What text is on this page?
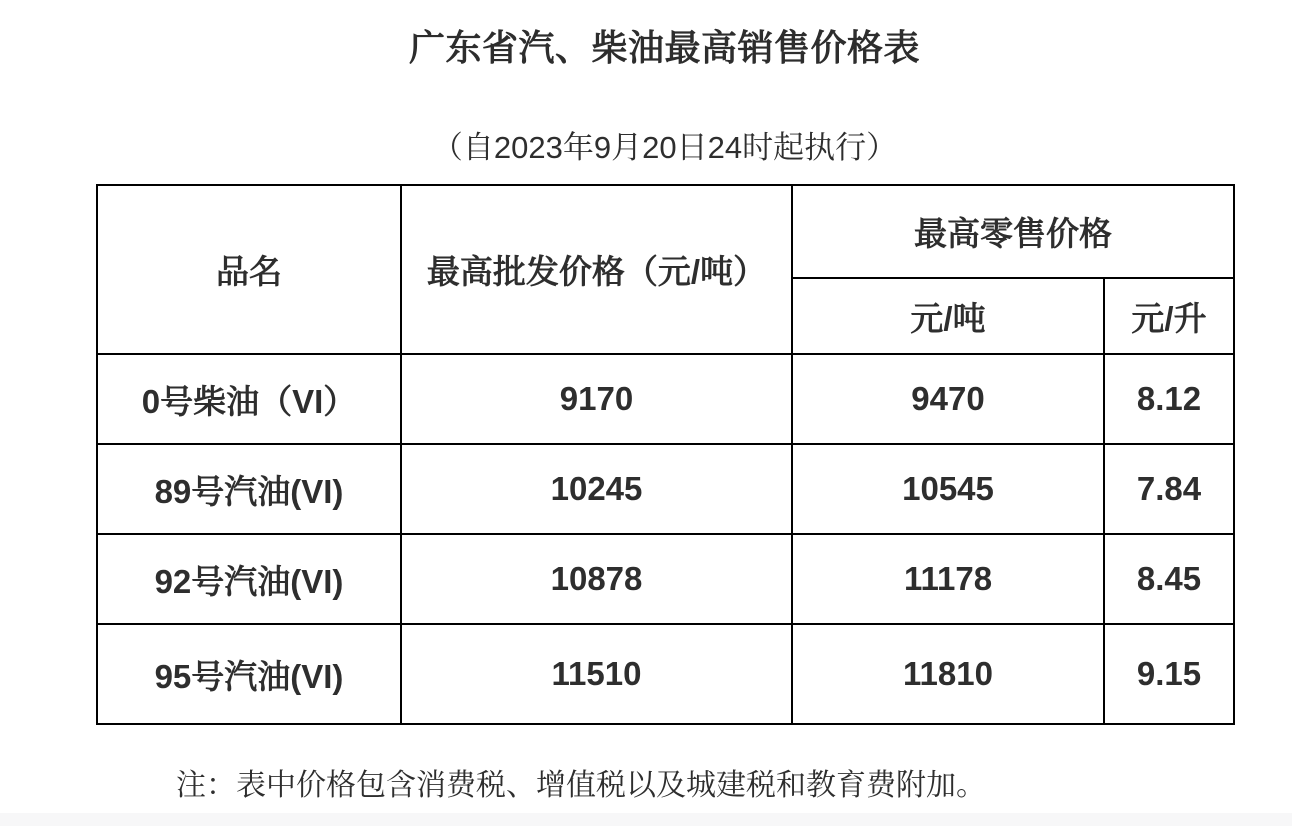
广东省汽、柴油最高销售价格表
（自2023年9月20日24时起执行）
品名	最高批发价格（元/吨）	最高零售价格	
		元/吨	元/升
0号柴油（VI）	9170	9470	8.12
89号汽油(VI)	10245	10545	7.84
92号汽油(VI)	10878	11178	8.45
95号汽油(VI)	11510	11810	9.15
注：表中价格包含消费税、增值税以及城建税和教育费附加。
